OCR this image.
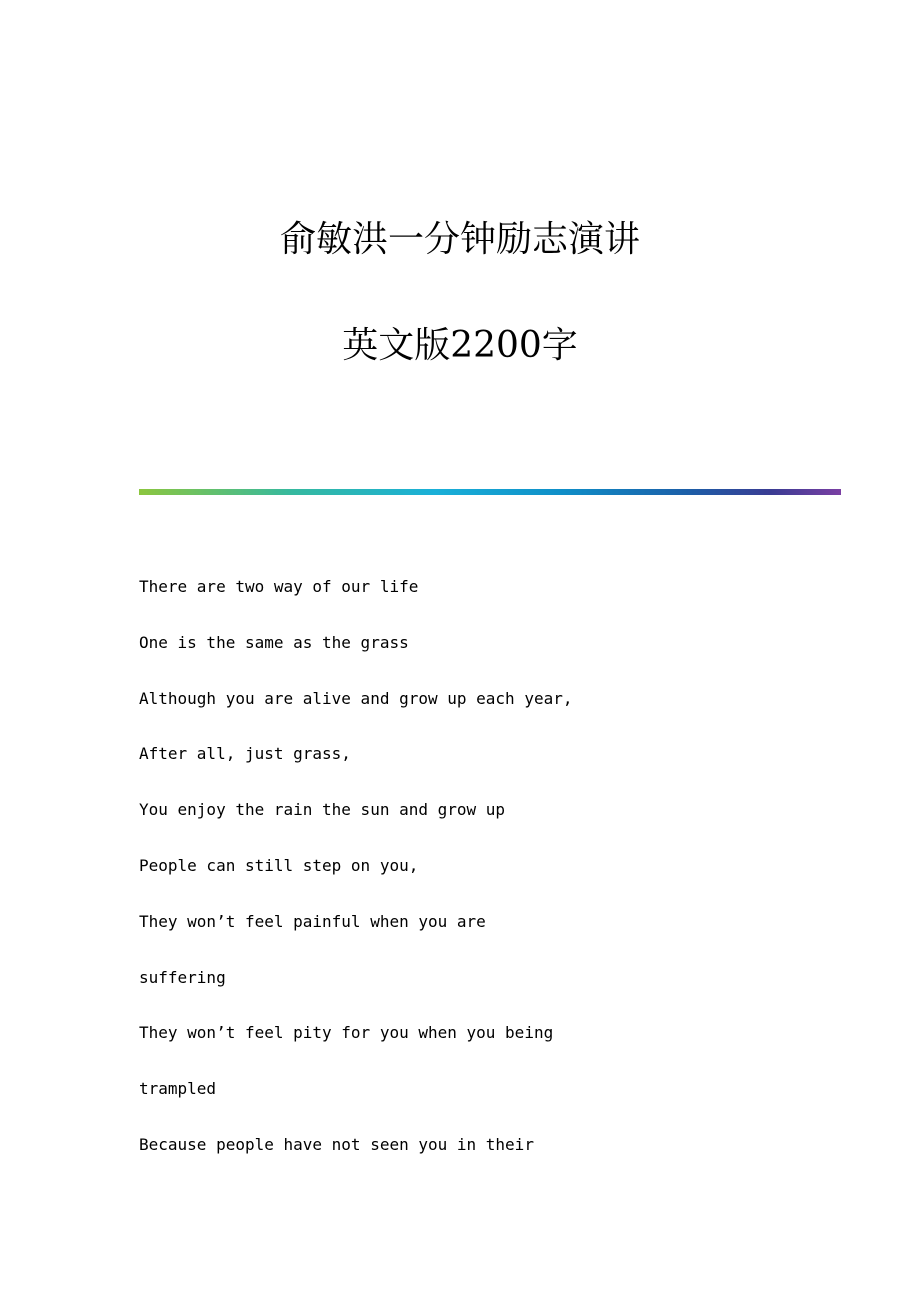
俞敏洪一分钟励志演讲
英文版2200字
There are two way of our life
One is the same as the grass
Although you are alive and grow up each year,
After all, just grass,
You enjoy the rain the sun and grow up
People can still step on you,
They won’t feel painful when you are
suffering
They won’t feel pity for you when you being
trampled
Because people have not seen you in their
